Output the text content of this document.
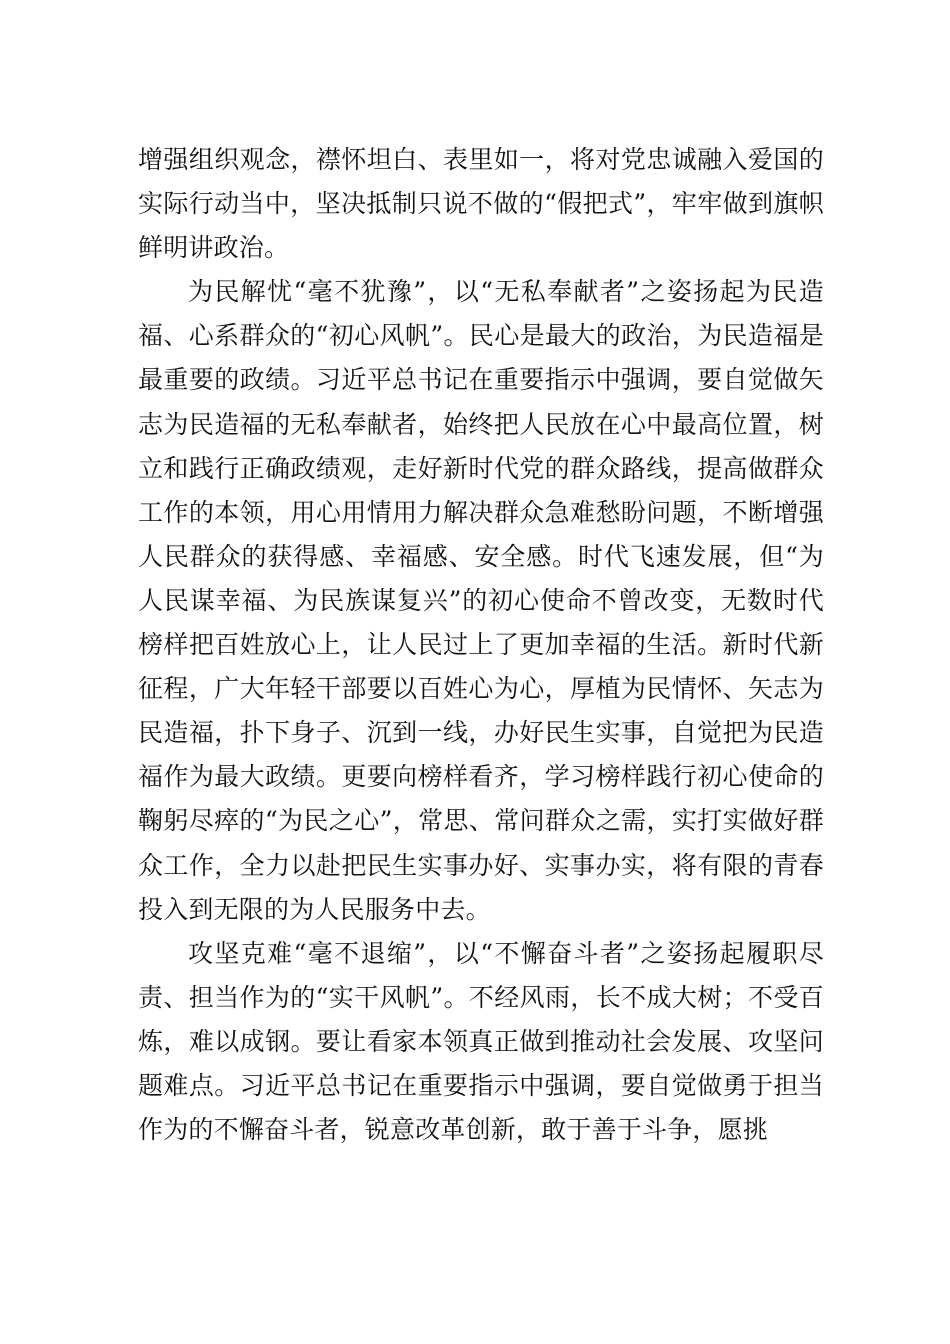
增强组织观念，襟怀坦白、表里如一，将对党忠诚融入爱国的实际行动当中，坚决抵制只说不做的“假把式”，牢牢做到旗帜鲜明讲政治。

为民解忧“毫不犹豫”，以“无私奉献者”之姿扬起为民造福、心系群众的“初心风帆”。民心是最大的政治，为民造福是最重要的政绩。习近平总书记在重要指示中强调，要自觉做矢志为民造福的无私奉献者，始终把人民放在心中最高位置，树立和践行正确政绩观，走好新时代党的群众路线，提高做群众工作的本领，用心用情用力解决群众急难愁盼问题，不断增强人民群众的获得感、幸福感、安全感。时代飞速发展，但“为人民谋幸福、为民族谋复兴”的初心使命不曾改变，无数时代榜样把百姓放心上，让人民过上了更加幸福的生活。新时代新征程，广大年轻干部要以百姓心为心，厚植为民情怀、矢志为民造福，扑下身子、沉到一线，办好民生实事，自觉把为民造福作为最大政绩。更要向榜样看齐，学习榜样践行初心使命的鞠躬尽瘁的“为民之心”，常思、常问群众之需，实打实做好群众工作，全力以赴把民生实事办好、实事办实，将有限的青春投入到无限的为人民服务中去。

攻坚克难“毫不退缩”，以“不懈奋斗者”之姿扬起履职尽责、担当作为的“实干风帆”。不经风雨，长不成大树；不受百炼，难以成钢。要让看家本领真正做到推动社会发展、攻坚问题难点。习近平总书记在重要指示中强调，要自觉做勇于担当作为的不懈奋斗者，锐意改革创新，敢于善于斗争，愿挑
